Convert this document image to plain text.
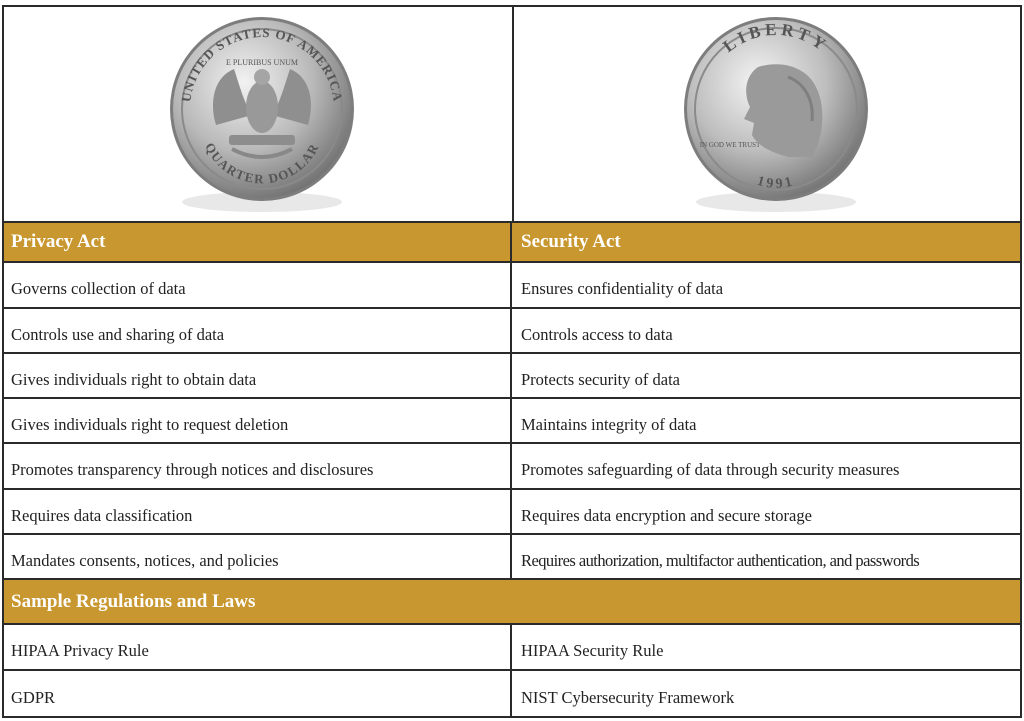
UNITED STATES OF AMERICA
QUARTER DOLLAR
E PLURIBUS UNUM
LIBERTY
1991
IN GOD WE TRUST
Privacy Act	Security Act
Governs collection of data	Ensures confidentiality of data
Controls use and sharing of data	Controls access to data
Gives individuals right to obtain data	Protects security of data
Gives individuals right to request deletion	Maintains integrity of data
Promotes transparency through notices and disclosures	Promotes safeguarding of data through security measures
Requires data classification	Requires data encryption and secure storage
Mandates consents, notices, and policies	Requires authorization, multifactor authentication, and passwords
Sample Regulations and Laws
HIPAA Privacy Rule	HIPAA Security Rule
GDPR	NIST Cybersecurity Framework
